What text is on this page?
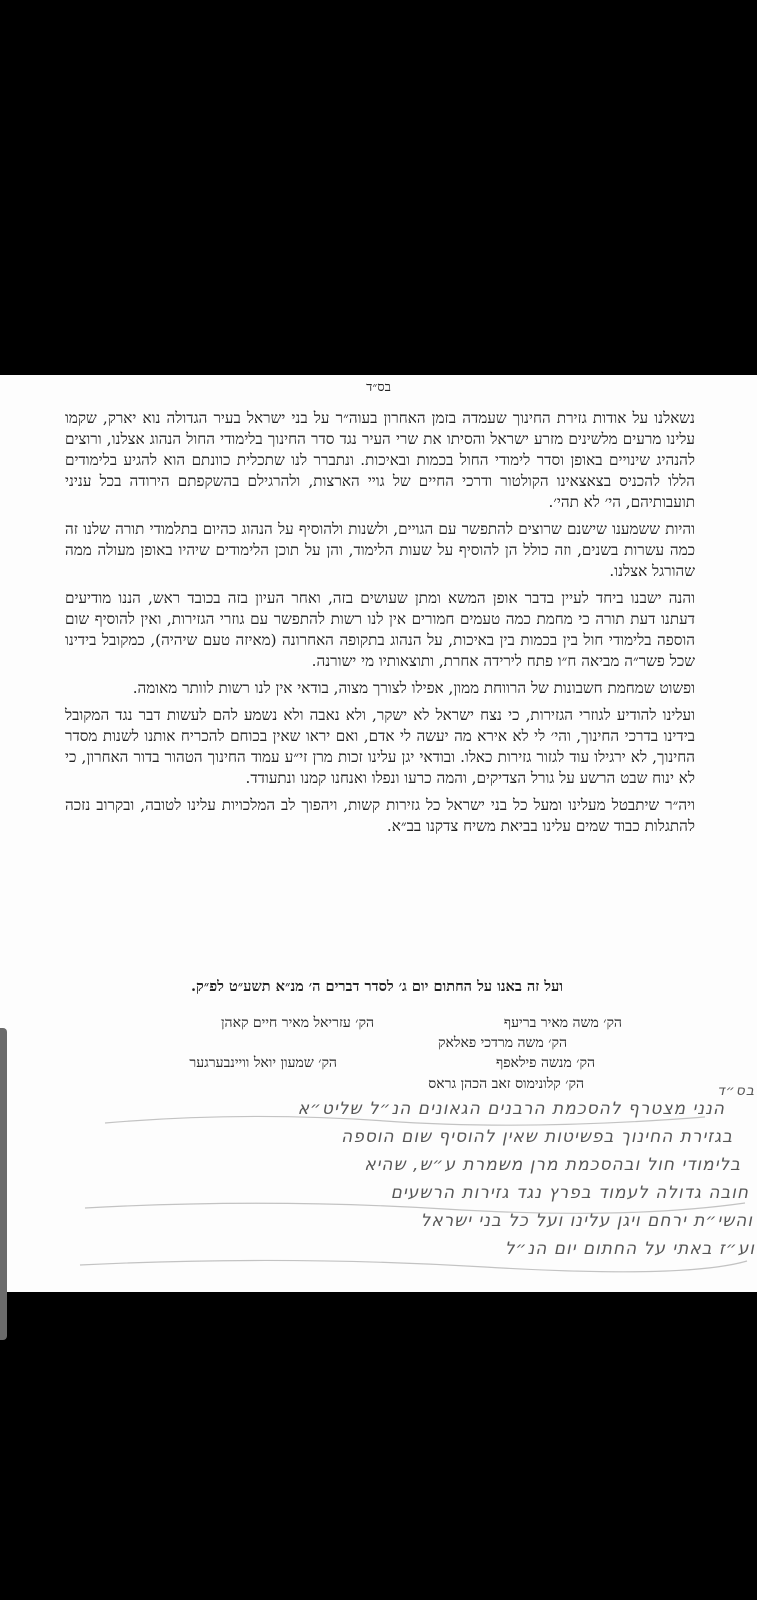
בס״ד

נשאלנו על אודות גזירת החינוך שעמדה בזמן האחרון בעוה״ר על בני ישראל בעיר הגדולה נוא יארק, שקמו עלינו מרעים מלשינים מזרע ישראל והסיתו את שרי העיר נגד סדר החינוך בלימודי החול הנהוג אצלנו, ורוצים להנהיג שינויים באופן וסדר לימודי החול בכמות ובאיכות. ונתברר לנו שתכלית כוונתם הוא להגיע בלימודים הללו להכניס בצאצאינו הקולטור ודרכי החיים של גויי הארצות, ולהרגילם בהשקפתם הירודה בכל עניני תועבותיהם, הי׳ לא תהי׳.

והיות ששמענו שישנם שרוצים להתפשר עם הגויים, ולשנות ולהוסיף על הנהוג כהיום בתלמודי תורה שלנו זה כמה עשרות בשנים, וזה כולל הן להוסיף על שעות הלימוד, והן על תוכן הלימודים שיהיו באופן מעולה ממה שהורגל אצלנו.

והנה ישבנו ביחד לעיין בדבר אופן המשא ומתן שעושים בזה, ואחר העיון בזה בכובד ראש, הננו מודיעים דעתנו דעת תורה כי מחמת כמה טעמים חמורים אין לנו רשות להתפשר עם גוזרי הגזירות, ואין להוסיף שום הוספה בלימודי חול בין בכמות בין באיכות, על הנהוג בתקופה האחרונה (מאיזה טעם שיהיה), כמקובל בידינו שכל פשר״ה מביאה ח״ו פתח לירידה אחרת, ותוצאותיו מי ישורנה.

ופשוט שמחמת חשבונות של הרווחת ממון, אפילו לצורך מצוה, בודאי אין לנו רשות לוותר מאומה.

ועלינו להודיע לגוזרי הגזירות, כי נצח ישראל לא ישקר, ולא נאבה ולא נשמע להם לעשות דבר נגד המקובל בידינו בדרכי החינוך, והי׳ לי לא אירא מה יעשה לי אדם, ואם יראו שאין בכוחם להכריח אותנו לשנות מסדר החינוך, לא ירגילו עוד לגזור גזירות כאלו. ובודאי יגן עלינו זכות מרן זי״ע עמוד החינוך הטהור בדור האחרון, כי לא ינוח שבט הרשע על גורל הצדיקים, והמה כרעו ונפלו ואנחנו קמנו ונתעודד.

ויה״ר שיתבטל מעלינו ומעל כל בני ישראל כל גזירות קשות, ויהפוך לב המלכויות עלינו לטובה, ובקרוב נזכה להתגלות כבוד שמים עלינו בביאת משיח צדקנו בב״א.

ועל זה באנו על החתום יום ג׳ לסדר דברים ה׳ מנ״א תשע״ט לפ״ק.
הק׳ משה מאיר בריעף
הק׳ עזריאל מאיר חיים קאהן
הק׳ משה מרדכי פאלאק
הק׳ מנשה פילאפף
הק׳ שמעון יואל וויינבערגער
הק׳ קלונימוס זאב הכהן גראס	בס״ד
הנני מצטרף להסכמת הרבנים הגאונים הנ״ל שליט״א
בגזירת החינוך בפשיטות שאין להוסיף שום הוספה
בלימודי חול ובהסכמת מרן משמרת ע״ש, שהיא
חובה גדולה לעמוד בפרץ נגד גזירות הרשעים
והשי״ת ירחם ויגן עלינו ועל כל בני ישראל
וע״ז באתי על החתום יום הנ״ל
